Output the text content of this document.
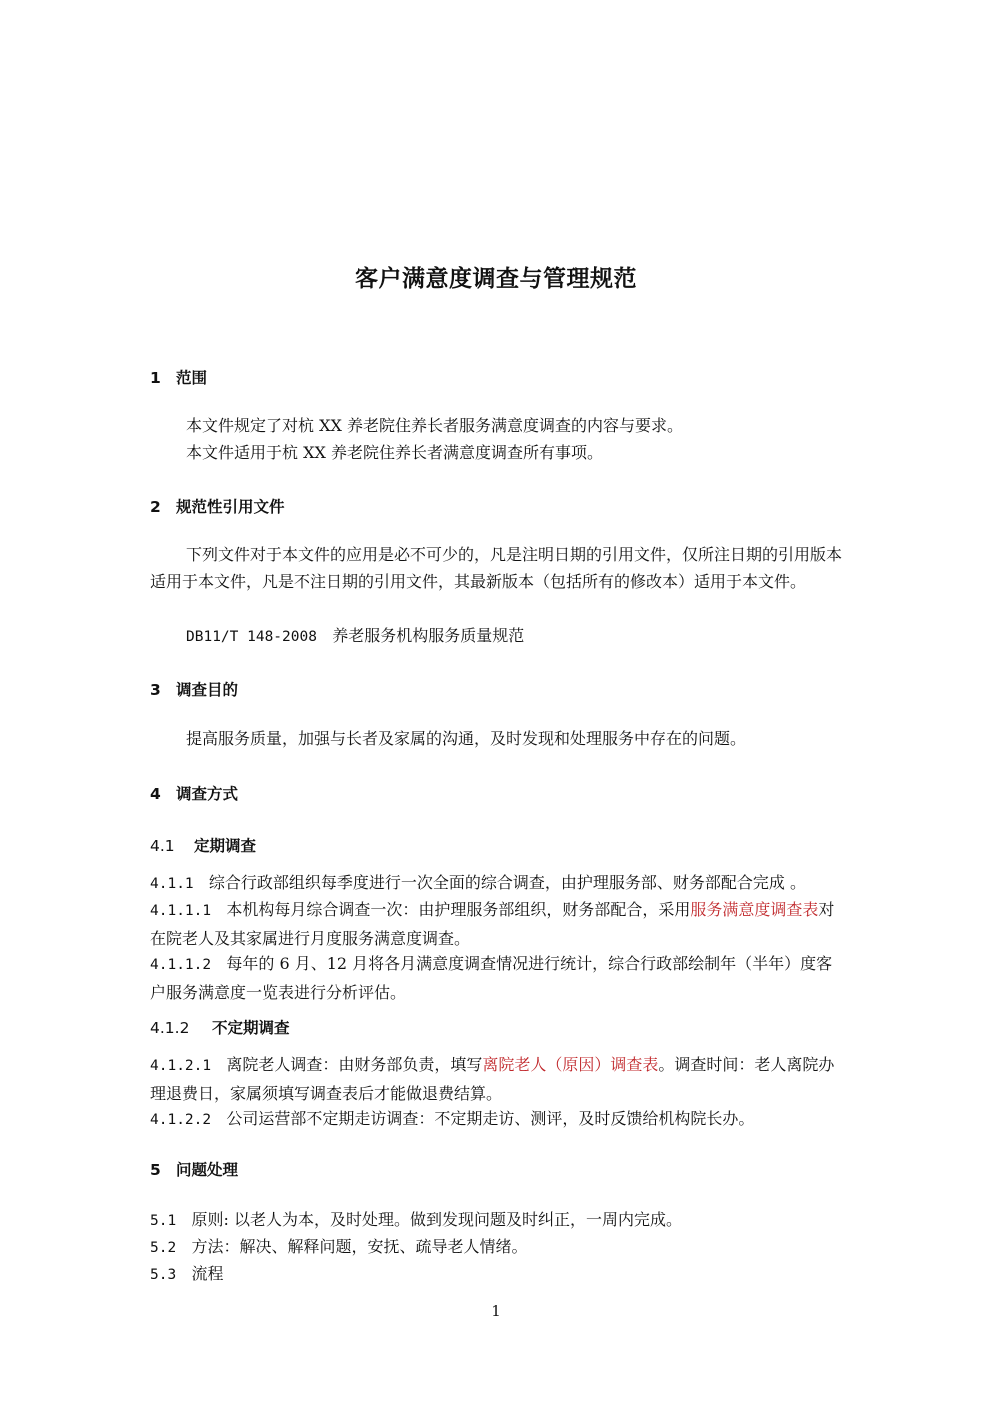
客户满意度调查与管理规范
1 范围
本文件规定了对杭 XX 养老院住养长者服务满意度调查的内容与要求。
本文件适用于杭 XX 养老院住养长者满意度调查所有事项。
2 规范性引用文件
下列文件对于本文件的应用是必不可少的，凡是注明日期的引用文件，仅所注日期的引用版本适用于本文件，凡是不注日期的引用文件，其最新版本（包括所有的修改本）适用于本文件。
DB11/T 148-2008 养老服务机构服务质量规范
3 调查目的
提高服务质量，加强与长者及家属的沟通，及时发现和处理服务中存在的问题。
4 调查方式
4.1 定期调查
4.1.1 综合行政部组织每季度进行一次全面的综合调查，由护理服务部、财务部配合完成 。
4.1.1.1 本机构每月综合调查一次：由护理服务部组织，财务部配合，采用服务满意度调查表对在院老人及其家属进行月度服务满意度调查。
4.1.1.2 每年的 6 月、12 月将各月满意度调查情况进行统计，综合行政部绘制年（半年）度客户服务满意度一览表进行分析评估。
4.1.2 不定期调查
4.1.2.1 离院老人调查：由财务部负责，填写离院老人（原因）调查表。调查时间：老人离院办理退费日，家属须填写调查表后才能做退费结算。
4.1.2.2 公司运营部不定期走访调查：不定期走访、测评，及时反馈给机构院长办。
5 问题处理
5.1 原则: 以老人为本，及时处理。做到发现问题及时纠正，一周内完成。
5.2 方法：解决、解释问题，安抚、疏导老人情绪。
5.3 流程
1
